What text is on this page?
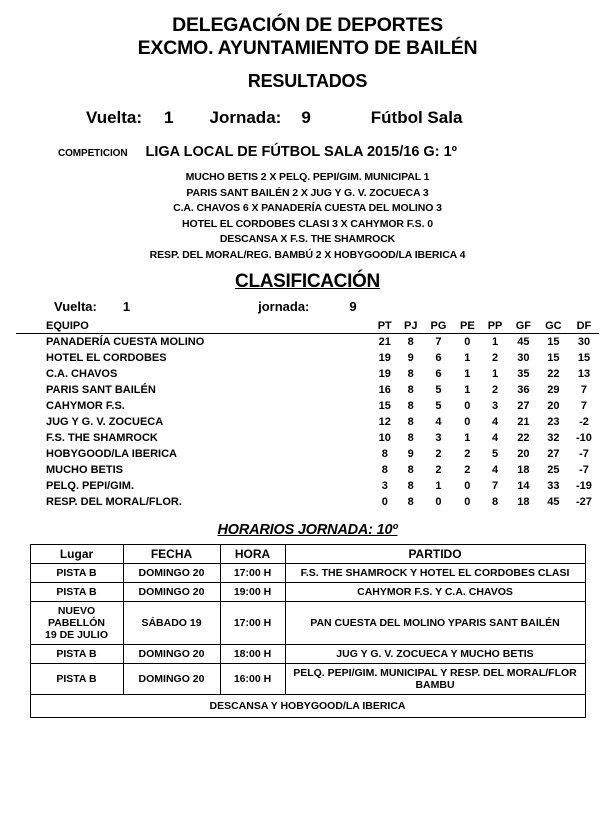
DELEGACIÓN DE DEPORTES
EXCMO. AYUNTAMIENTO DE BAILÉN
RESULTADOS
Vuelta: 1 Jornada: 9	Fútbol Sala
COMPETICION LIGA LOCAL DE FÚTBOL SALA 2015/16 G: 1º
MUCHO BETIS 2 X PELQ. PEPI/GIM. MUNICIPAL 1
PARIS SANT BAILÉN 2 X JUG Y G. V. ZOCUECA 3
C.A. CHAVOS 6 X PANADERÍA CUESTA DEL MOLINO 3
HOTEL EL CORDOBES CLASI 3 X CAHYMOR F.S. 0
DESCANSA X F.S. THE SHAMROCK
RESP. DEL MORAL/REG. BAMBÚ 2 X HOBYGOOD/LA IBERICA 4
CLASIFICACIÓN
Vuelta: 1	jornada:	9
EQUIPO	PT	PJ	PG	PE	PP	GF	GC	DF
PANADERÍA CUESTA MOLINO	21	8	7	0	1	45	15	30
HOTEL EL CORDOBES	19	9	6	1	2	30	15	15
C.A. CHAVOS	19	8	6	1	1	35	22	13
PARIS SANT BAILÉN	16	8	5	1	2	36	29	7
CAHYMOR F.S.	15	8	5	0	3	27	20	7
JUG Y G. V. ZOCUECA	12	8	4	0	4	21	23	-2
F.S. THE SHAMROCK	10	8	3	1	4	22	32	-10
HOBYGOOD/LA IBERICA	8	9	2	2	5	20	27	-7
MUCHO BETIS	8	8	2	2	4	18	25	-7
PELQ. PEPI/GIM.	3	8	1	0	7	14	33	-19
RESP. DEL MORAL/FLOR.	0	8	0	0	8	18	45	-27
HORARIOS JORNADA: 10º
Lugar	FECHA	HORA	PARTIDO
PISTA B	DOMINGO 20	17:00 H	F.S. THE SHAMROCK Y HOTEL EL CORDOBES CLASI
PISTA B	DOMINGO 20	19:00 H	CAHYMOR F.S. Y C.A. CHAVOS
NUEVO PABELLÓN
19 DE JULIO	SÁBADO 19	17:00 H	PAN CUESTA DEL MOLINO YPARIS SANT BAILÉN
PISTA B	DOMINGO 20	18:00 H	JUG Y G. V. ZOCUECA Y MUCHO BETIS
PISTA B	DOMINGO 20	16:00 H	PELQ. PEPI/GIM. MUNICIPAL Y RESP. DEL MORAL/FLOR BAMBU
DESCANSA Y HOBYGOOD/LA IBERICA			
